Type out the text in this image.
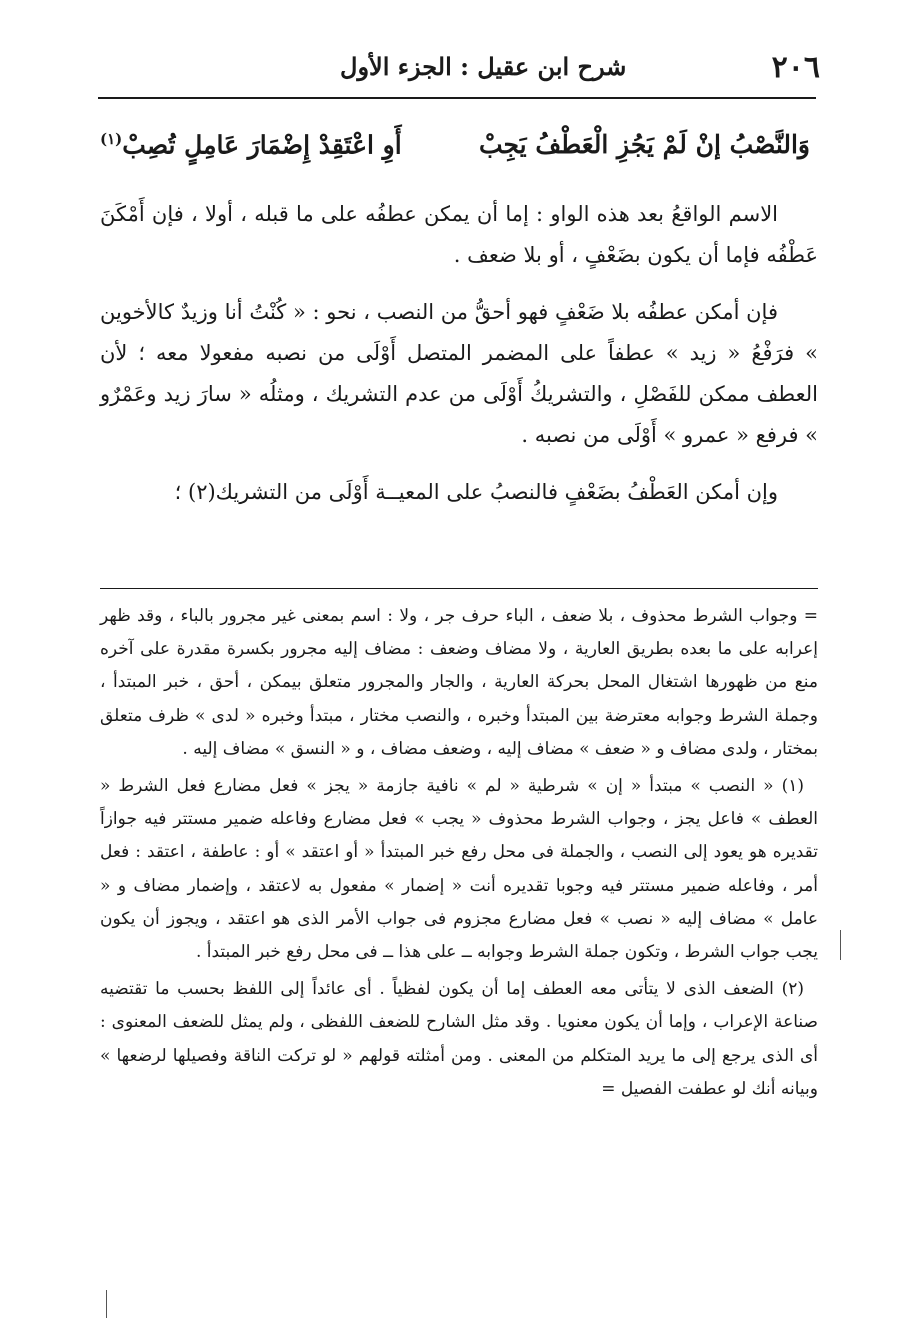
٢٠٦
شرح ابن عقيل : الجزء الأول
وَالنَّصْبُ إنْ لَمْ يَجُزِ الْعَطْفُ يَجِبْ
أَوِ اعْتَقِدْ إِضْمَارَ عَامِلٍ تُصِبْ$^{(١)}$

الاسم الواقعُ بعد هذه الواو : إما أن يمكن عطفُه على ما قبله ، أولا ، فإن أَمْكَنَ عَطْفُه فإما أن يكون بضَعْفٍ ، أو بلا ضعف .

فإن أمكن عطفُه بلا ضَعْفٍ فهو أحقُّ من النصب ، نحو : « كُنْتُ أنا وزيدٌ كالأخوين » فرَفْعُ « زيد » عطفاً على المضمر المتصل أَوْلَى من نصبه مفعولا معه ؛ لأن العطف ممكن للفَصْلِ ، والتشريكُ أَوْلَى من عدم التشريك ، ومثلُه « سارَ زيد وعَمْرٌو » فرفع « عمرو » أَوْلَى من نصبه .

وإن أمكن العَطْفُ بضَعْفٍ فالنصبُ على المعيــة أَوْلَى من التشريك(٢) ؛

= وجواب الشرط محذوف ، بلا ضعف ، الباء حرف جر ، ولا : اسم بمعنى غير مجرور بالباء ، وقد ظهر إعرابه على ما بعده بطريق العارية ، ولا مضاف وضعف : مضاف إليه مجرور بكسرة مقدرة على آخره منع من ظهورها اشتغال المحل بحركة العارية ، والجار والمجرور متعلق بيمكن ، أحق ، خبر المبتدأ ، وجملة الشرط وجوابه معترضة بين المبتدأ وخبره ، والنصب مختار ، مبتدأ وخبره « لدى » ظرف متعلق بمختار ، ولدى مضاف و « ضعف » مضاف إليه ، وضعف مضاف ، و « النسق » مضاف إليه .

(١) « النصب » مبتدأ « إن » شرطية « لم » نافية جازمة « يجز » فعل مضارع فعل الشرط « العطف » فاعل يجز ، وجواب الشرط محذوف « يجب » فعل مضارع وفاعله ضمير مستتر فيه جوازاً تقديره هو يعود إلى النصب ، والجملة فى محل رفع خبر المبتدأ « أو اعتقد » أو : عاطفة ، اعتقد : فعل أمر ، وفاعله ضمير مستتر فيه وجوبا تقديره أنت « إضمار » مفعول به لاعتقد ، وإضمار مضاف و « عامل » مضاف إليه « نصب » فعل مضارع مجزوم فى جواب الأمر الذى هو اعتقد ، ويجوز أن يكون يجب جواب الشرط ، وتكون جملة الشرط وجوابه ــ على هذا ــ فى محل رفع خبر المبتدأ .

(٢) الضعف الذى لا يتأتى معه العطف إما أن يكون لفظياً . أى عائداً إلى اللفظ بحسب ما تقتضيه صناعة الإعراب ، وإما أن يكون معنويا . وقد مثل الشارح للضعف اللفظى ، ولم يمثل للضعف المعنوى : أى الذى يرجع إلى ما يريد المتكلم من المعنى . ومن أمثلته قولهم « لو تركت الناقة وفصيلها لرضعها » وبيانه أنك لو عطفت الفصيل =
